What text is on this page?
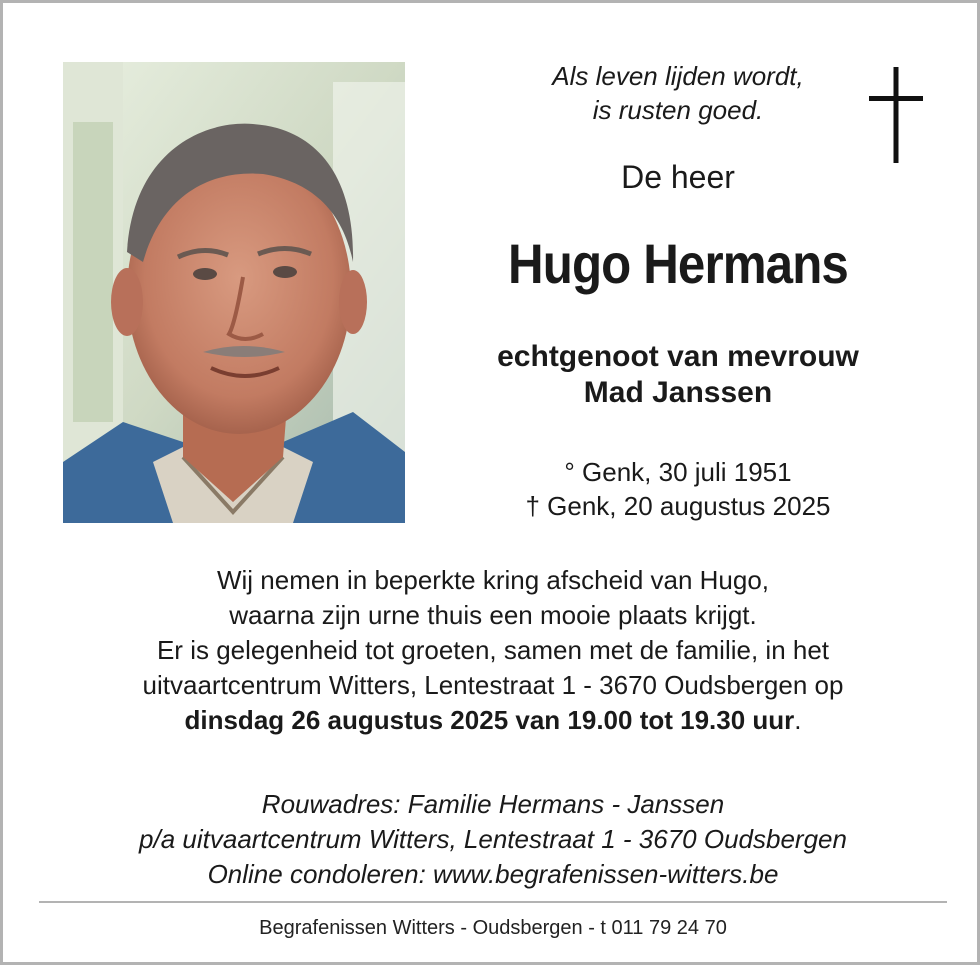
Als leven lijden wordt,
is rusten goed.
De heer
Hugo Hermans
echtgenoot van mevrouw
Mad Janssen
° Genk, 30 juli 1951
† Genk, 20 augustus 2025
Wij nemen in beperkte kring afscheid van Hugo,
waarna zijn urne thuis een mooie plaats krijgt.
Er is gelegenheid tot groeten, samen met de familie, in het
uitvaartcentrum Witters, Lentestraat 1 - 3670 Oudsbergen op
dinsdag 26 augustus 2025 van 19.00 tot 19.30 uur.
Rouwadres: Familie Hermans - Janssen
p/a uitvaartcentrum Witters, Lentestraat 1 - 3670 Oudsbergen
Online condoleren: www.begrafenissen-witters.be
Begrafenissen Witters - Oudsbergen - t 011 79 24 70
